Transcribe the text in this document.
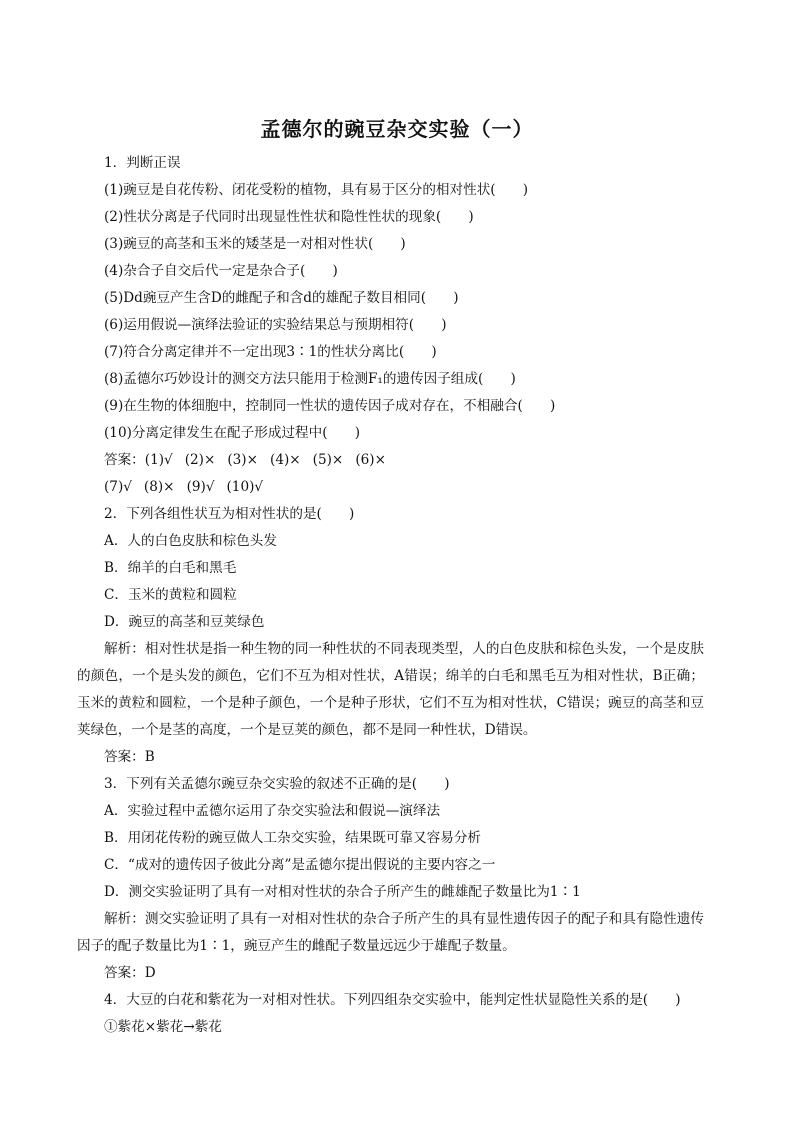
孟德尔的豌豆杂交实验（一）
1．判断正误
(1)豌豆是自花传粉、闭花受粉的植物，具有易于区分的相对性状(　　)
(2)性状分离是子代同时出现显性性状和隐性性状的现象(　　)
(3)豌豆的高茎和玉米的矮茎是一对相对性状(　　)
(4)杂合子自交后代一定是杂合子(　　)
(5)Dd豌豆产生含D的雌配子和含d的雄配子数目相同(　　)
(6)运用假说—演绎法验证的实验结果总与预期相符(　　)
(7)符合分离定律并不一定出现3∶1的性状分离比(　　)
(8)孟德尔巧妙设计的测交方法只能用于检测F₁的遗传因子组成(　　)
(9)在生物的体细胞中，控制同一性状的遗传因子成对存在，不相融合(　　)
(10)分离定律发生在配子形成过程中(　　)
答案：(1)√ (2)× (3)× (4)× (5)× (6)×
(7)√ (8)× (9)√ (10)√
2．下列各组性状互为相对性状的是(　　)
A．人的白色皮肤和棕色头发
B．绵羊的白毛和黑毛
C．玉米的黄粒和圆粒
D．豌豆的高茎和豆荚绿色
解析：相对性状是指一种生物的同一种性状的不同表现类型，人的白色皮肤和棕色头发，一个是皮肤的颜色，一个是头发的颜色，它们不互为相对性状，A错误；绵羊的白毛和黑毛互为相对性状，B正确；玉米的黄粒和圆粒，一个是种子颜色，一个是种子形状，它们不互为相对性状，C错误；豌豆的高茎和豆荚绿色，一个是茎的高度，一个是豆荚的颜色，都不是同一种性状，D错误。
答案：B
3．下列有关孟德尔豌豆杂交实验的叙述不正确的是(　　)
A．实验过程中孟德尔运用了杂交实验法和假说—演绎法
B．用闭花传粉的豌豆做人工杂交实验，结果既可靠又容易分析
C．“成对的遗传因子彼此分离”是孟德尔提出假说的主要内容之一
D．测交实验证明了具有一对相对性状的杂合子所产生的雌雄配子数量比为1∶1
解析：测交实验证明了具有一对相对性状的杂合子所产生的具有显性遗传因子的配子和具有隐性遗传因子的配子数量比为1∶1，豌豆产生的雌配子数量远远少于雄配子数量。
答案：D
4．大豆的白花和紫花为一对相对性状。下列四组杂交实验中，能判定性状显隐性关系的是(　　)
①紫花×紫花→紫花
